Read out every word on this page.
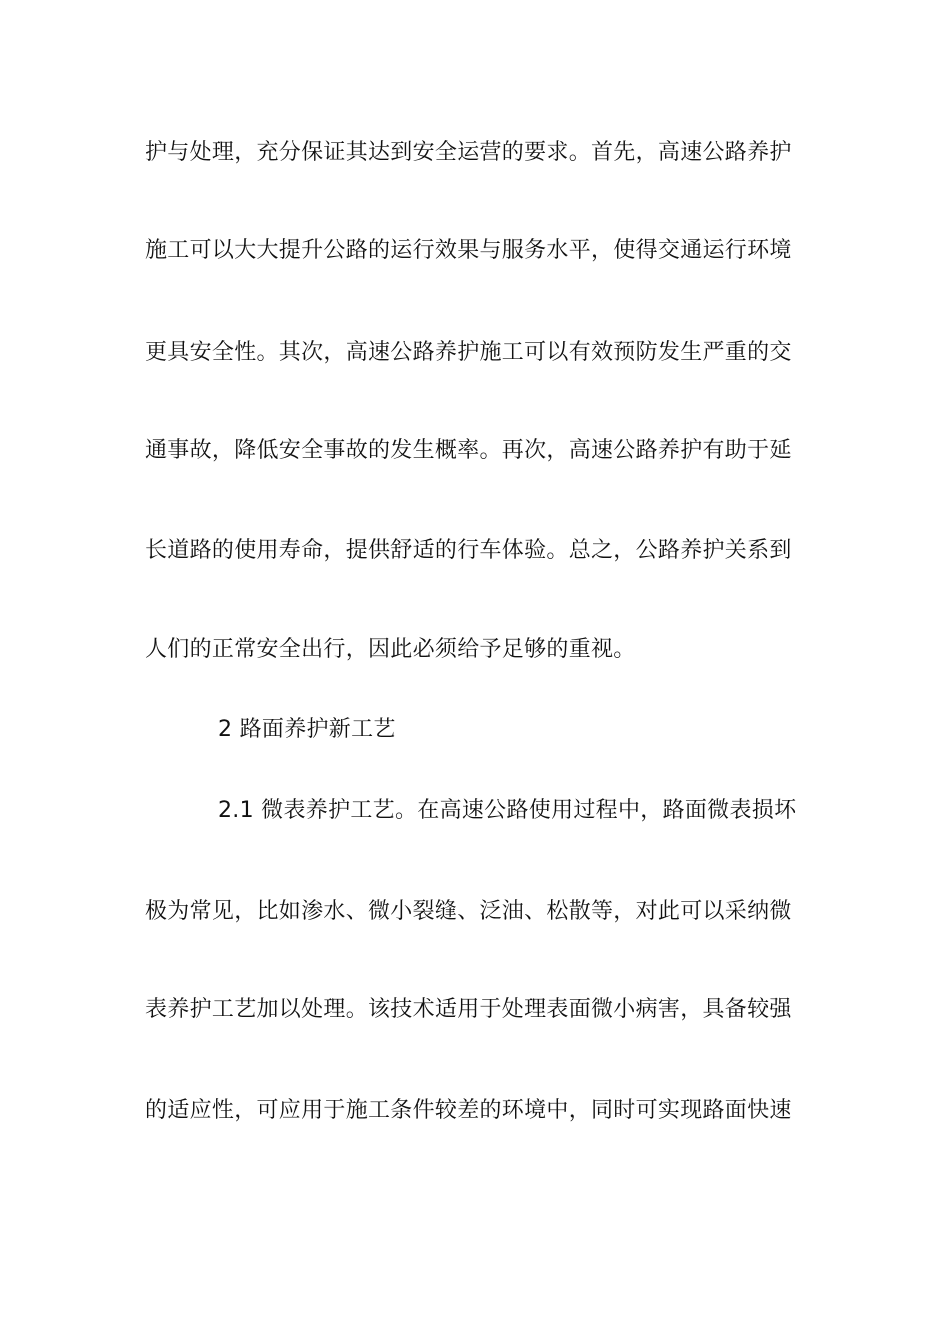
护与处理，充分保证其达到安全运营的要求。首先，高速公路养护
施工可以大大提升公路的运行效果与服务水平，使得交通运行环境
更具安全性。其次，高速公路养护施工可以有效预防发生严重的交
通事故，降低安全事故的发生概率。再次，高速公路养护有助于延
长道路的使用寿命，提供舒适的行车体验。总之，公路养护关系到
人们的正常安全出行，因此必须给予足够的重视。
2 路面养护新工艺
2.1 微表养护工艺。在高速公路使用过程中，路面微表损坏
极为常见，比如渗水、微小裂缝、泛油、松散等，对此可以采纳微
表养护工艺加以处理。该技术适用于处理表面微小病害，具备较强
的适应性，可应用于施工条件较差的环境中，同时可实现路面快速
